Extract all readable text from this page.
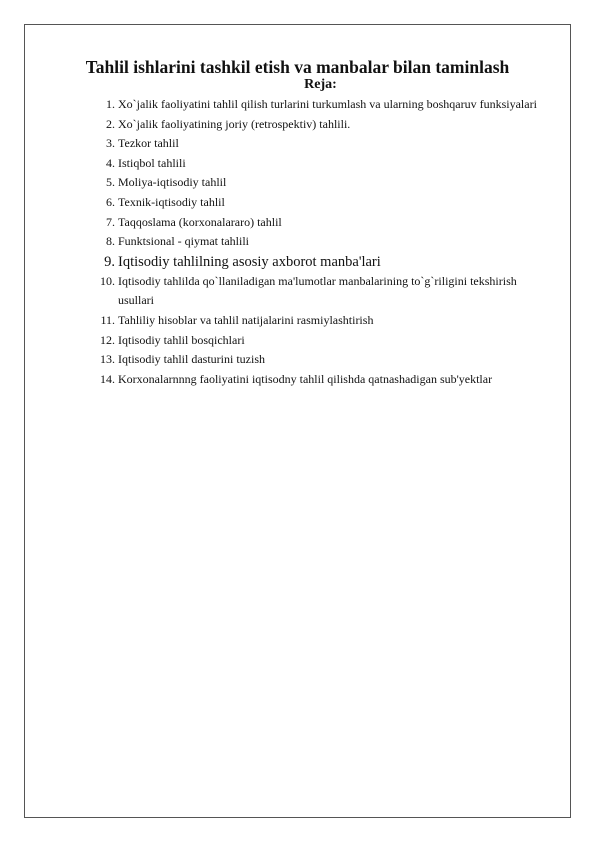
Tahlil ishlarini tashkil etish va manbalar bilan taminlash
Reja:
1. Xo`jalik faoliyatini tahlil qilish turlarini turkumlash va ularning boshqaruv funksiyalari
2. Xo`jalik faoliyatining joriy (retrospektiv) tahlili.
3. Tezkor tahlil
4. Istiqbol tahlili
5. Moliya-iqtisodiy tahlil
6. Texnik-iqtisodiy tahlil
7. Taqqoslama (korxonalararo) tahlil
8. Funktsional - qiymat tahlili
9. Iqtisodiy tahlilning asosiy axborot manba'lari
10. Iqtisodiy tahlilda qo`llaniladigan ma'lumotlar manbalarining to`g`riligini tekshirish usullari
11. Tahliliy hisoblar va tahlil natijalarini rasmiylashtirish
12. Iqtisodiy tahlil bosqichlari
13. Iqtisodiy tahlil dasturini tuzish
14. Korxonalarnnng faoliyatini iqtisodny tahlil qilishda qatnashadigan sub'yektlar
